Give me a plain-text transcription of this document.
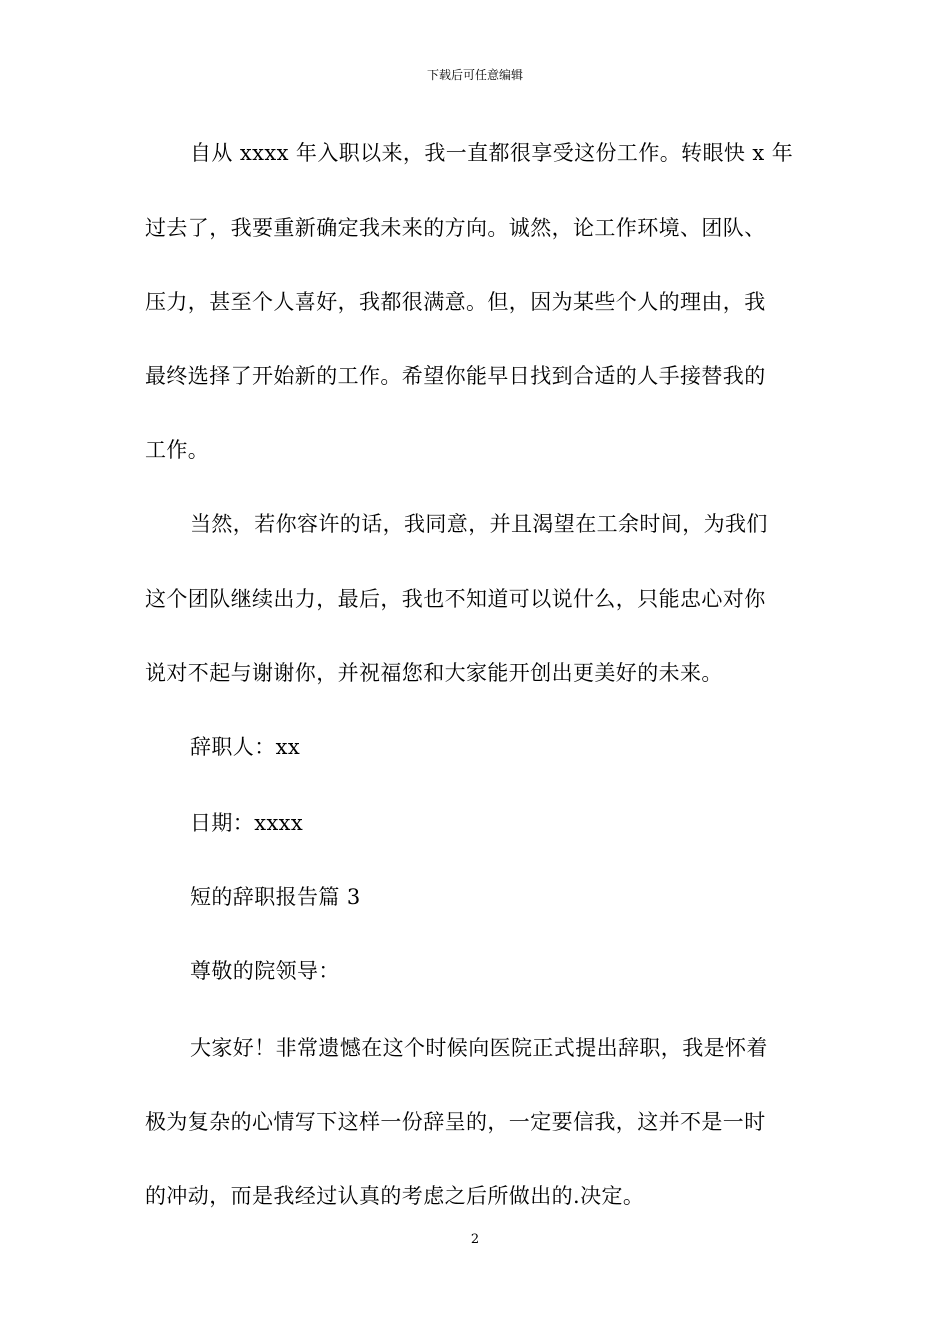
下载后可任意编辑
自从 xxxx 年入职以来，我一直都很享受这份工作。转眼快 x 年
过去了，我要重新确定我未来的方向。诚然，论工作环境、团队、
压力，甚至个人喜好，我都很满意。但，因为某些个人的理由，我
最终选择了开始新的工作。希望你能早日找到合适的人手接替我的
工作。
当然，若你容许的话，我同意，并且渴望在工余时间，为我们
这个团队继续出力，最后，我也不知道可以说什么，只能忠心对你
说对不起与谢谢你，并祝福您和大家能开创出更美好的未来。
辞职人：xx
日期：xxxx
短的辞职报告篇 3
尊敬的院领导：
大家好！非常遗憾在这个时候向医院正式提出辞职，我是怀着
极为复杂的心情写下这样一份辞呈的，一定要信我，这并不是一时
的冲动，而是我经过认真的考虑之后所做出的.决定。
2
